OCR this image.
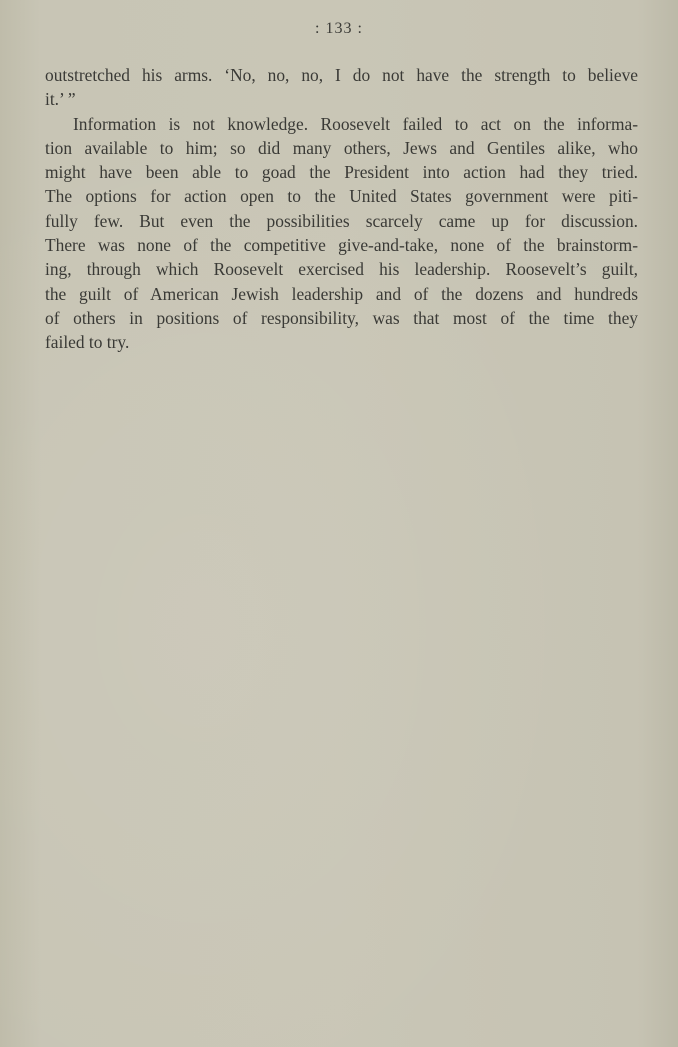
: 133 :

outstretched his arms. ‘No, no, no, I do not have the strength to believe
it.’ ”

Information is not knowledge. Roosevelt failed to act on the informa-
tion available to him; so did many others, Jews and Gentiles alike, who
might have been able to goad the President into action had they tried.
The options for action open to the United States government were piti-
fully few. But even the possibilities scarcely came up for discussion.
There was none of the competitive give-and-take, none of the brainstorm-
ing, through which Roosevelt exercised his leadership. Roosevelt’s guilt,
the guilt of American Jewish leadership and of the dozens and hundreds
of others in positions of responsibility, was that most of the time they
failed to try.
